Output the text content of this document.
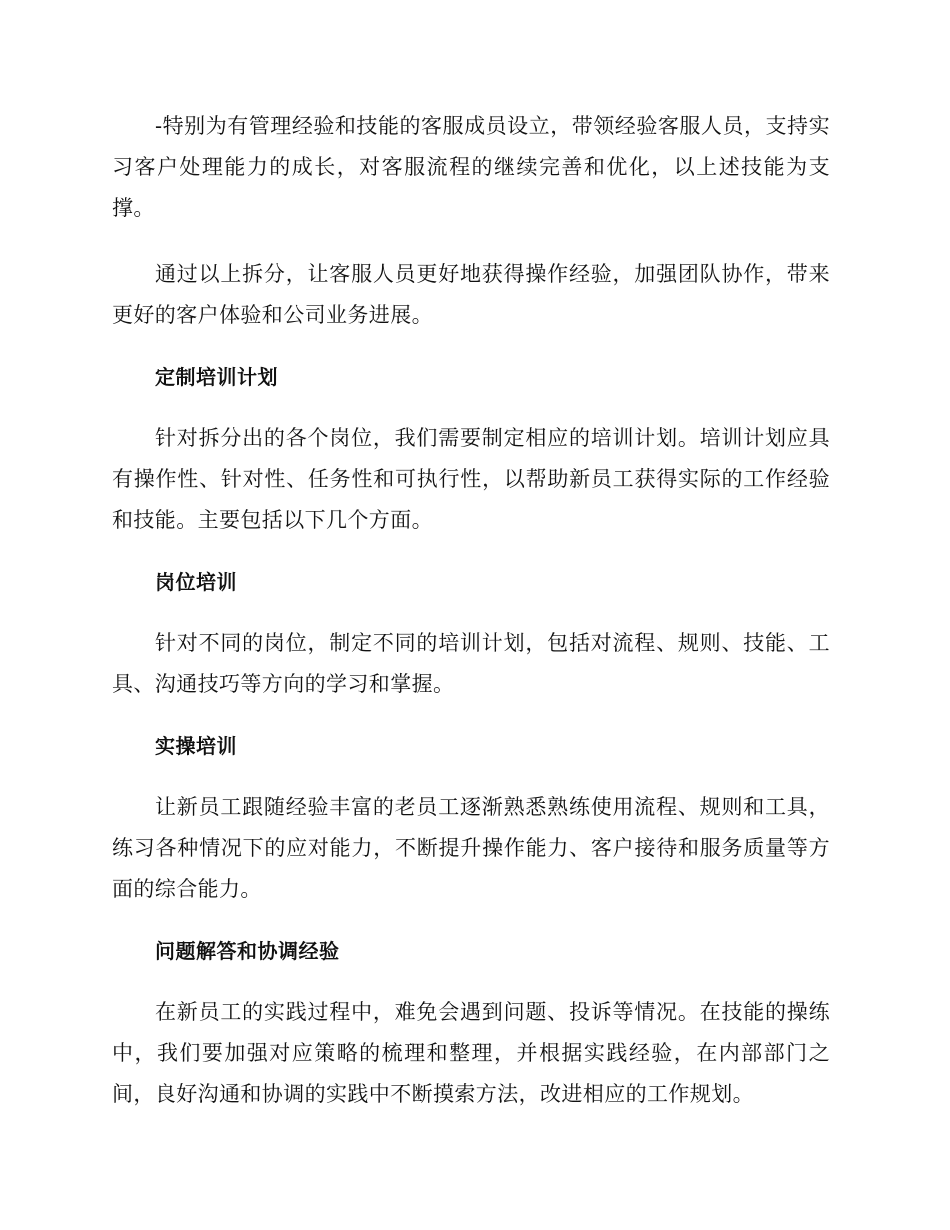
-特别为有管理经验和技能的客服成员设立，带领经验客服人员，支持实习客户处理能力的成长，对客服流程的继续完善和优化，以上述技能为支撑。

通过以上拆分，让客服人员更好地获得操作经验，加强团队协作，带来更好的客户体验和公司业务进展。

定制培训计划

针对拆分出的各个岗位，我们需要制定相应的培训计划。培训计划应具有操作性、针对性、任务性和可执行性，以帮助新员工获得实际的工作经验和技能。主要包括以下几个方面。

岗位培训

针对不同的岗位，制定不同的培训计划，包括对流程、规则、技能、工具、沟通技巧等方向的学习和掌握。

实操培训

让新员工跟随经验丰富的老员工逐渐熟悉熟练使用流程、规则和工具，练习各种情况下的应对能力，不断提升操作能力、客户接待和服务质量等方面的综合能力。

问题解答和协调经验

在新员工的实践过程中，难免会遇到问题、投诉等情况。在技能的操练中，我们要加强对应策略的梳理和整理，并根据实践经验，在内部部门之间，良好沟通和协调的实践中不断摸索方法，改进相应的工作规划。
